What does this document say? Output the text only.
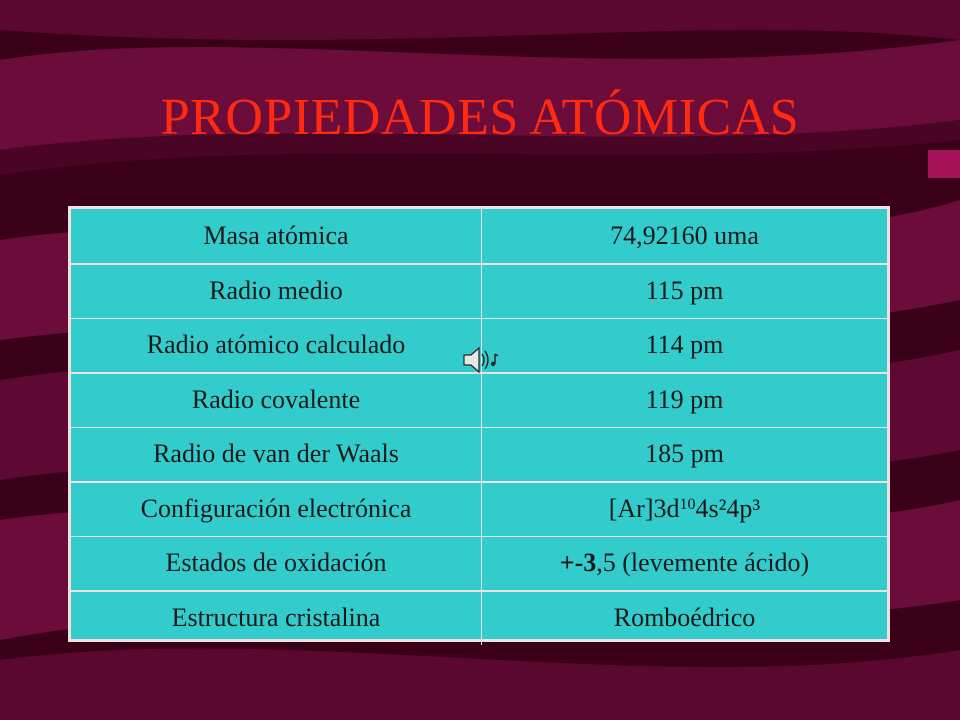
PROPIEDADES ATÓMICAS
Masa atómica	74,92160 uma
Radio medio	115 pm
Radio atómico calculado	114 pm
Radio covalente	119 pm
Radio de van der Waals	185 pm
Configuración electrónica	$[Ar]3d^{10}$ 4s²4p³
Estados de oxidación	+-3 ,5 (levemente ácido)
Estructura cristalina	Romboédrico
